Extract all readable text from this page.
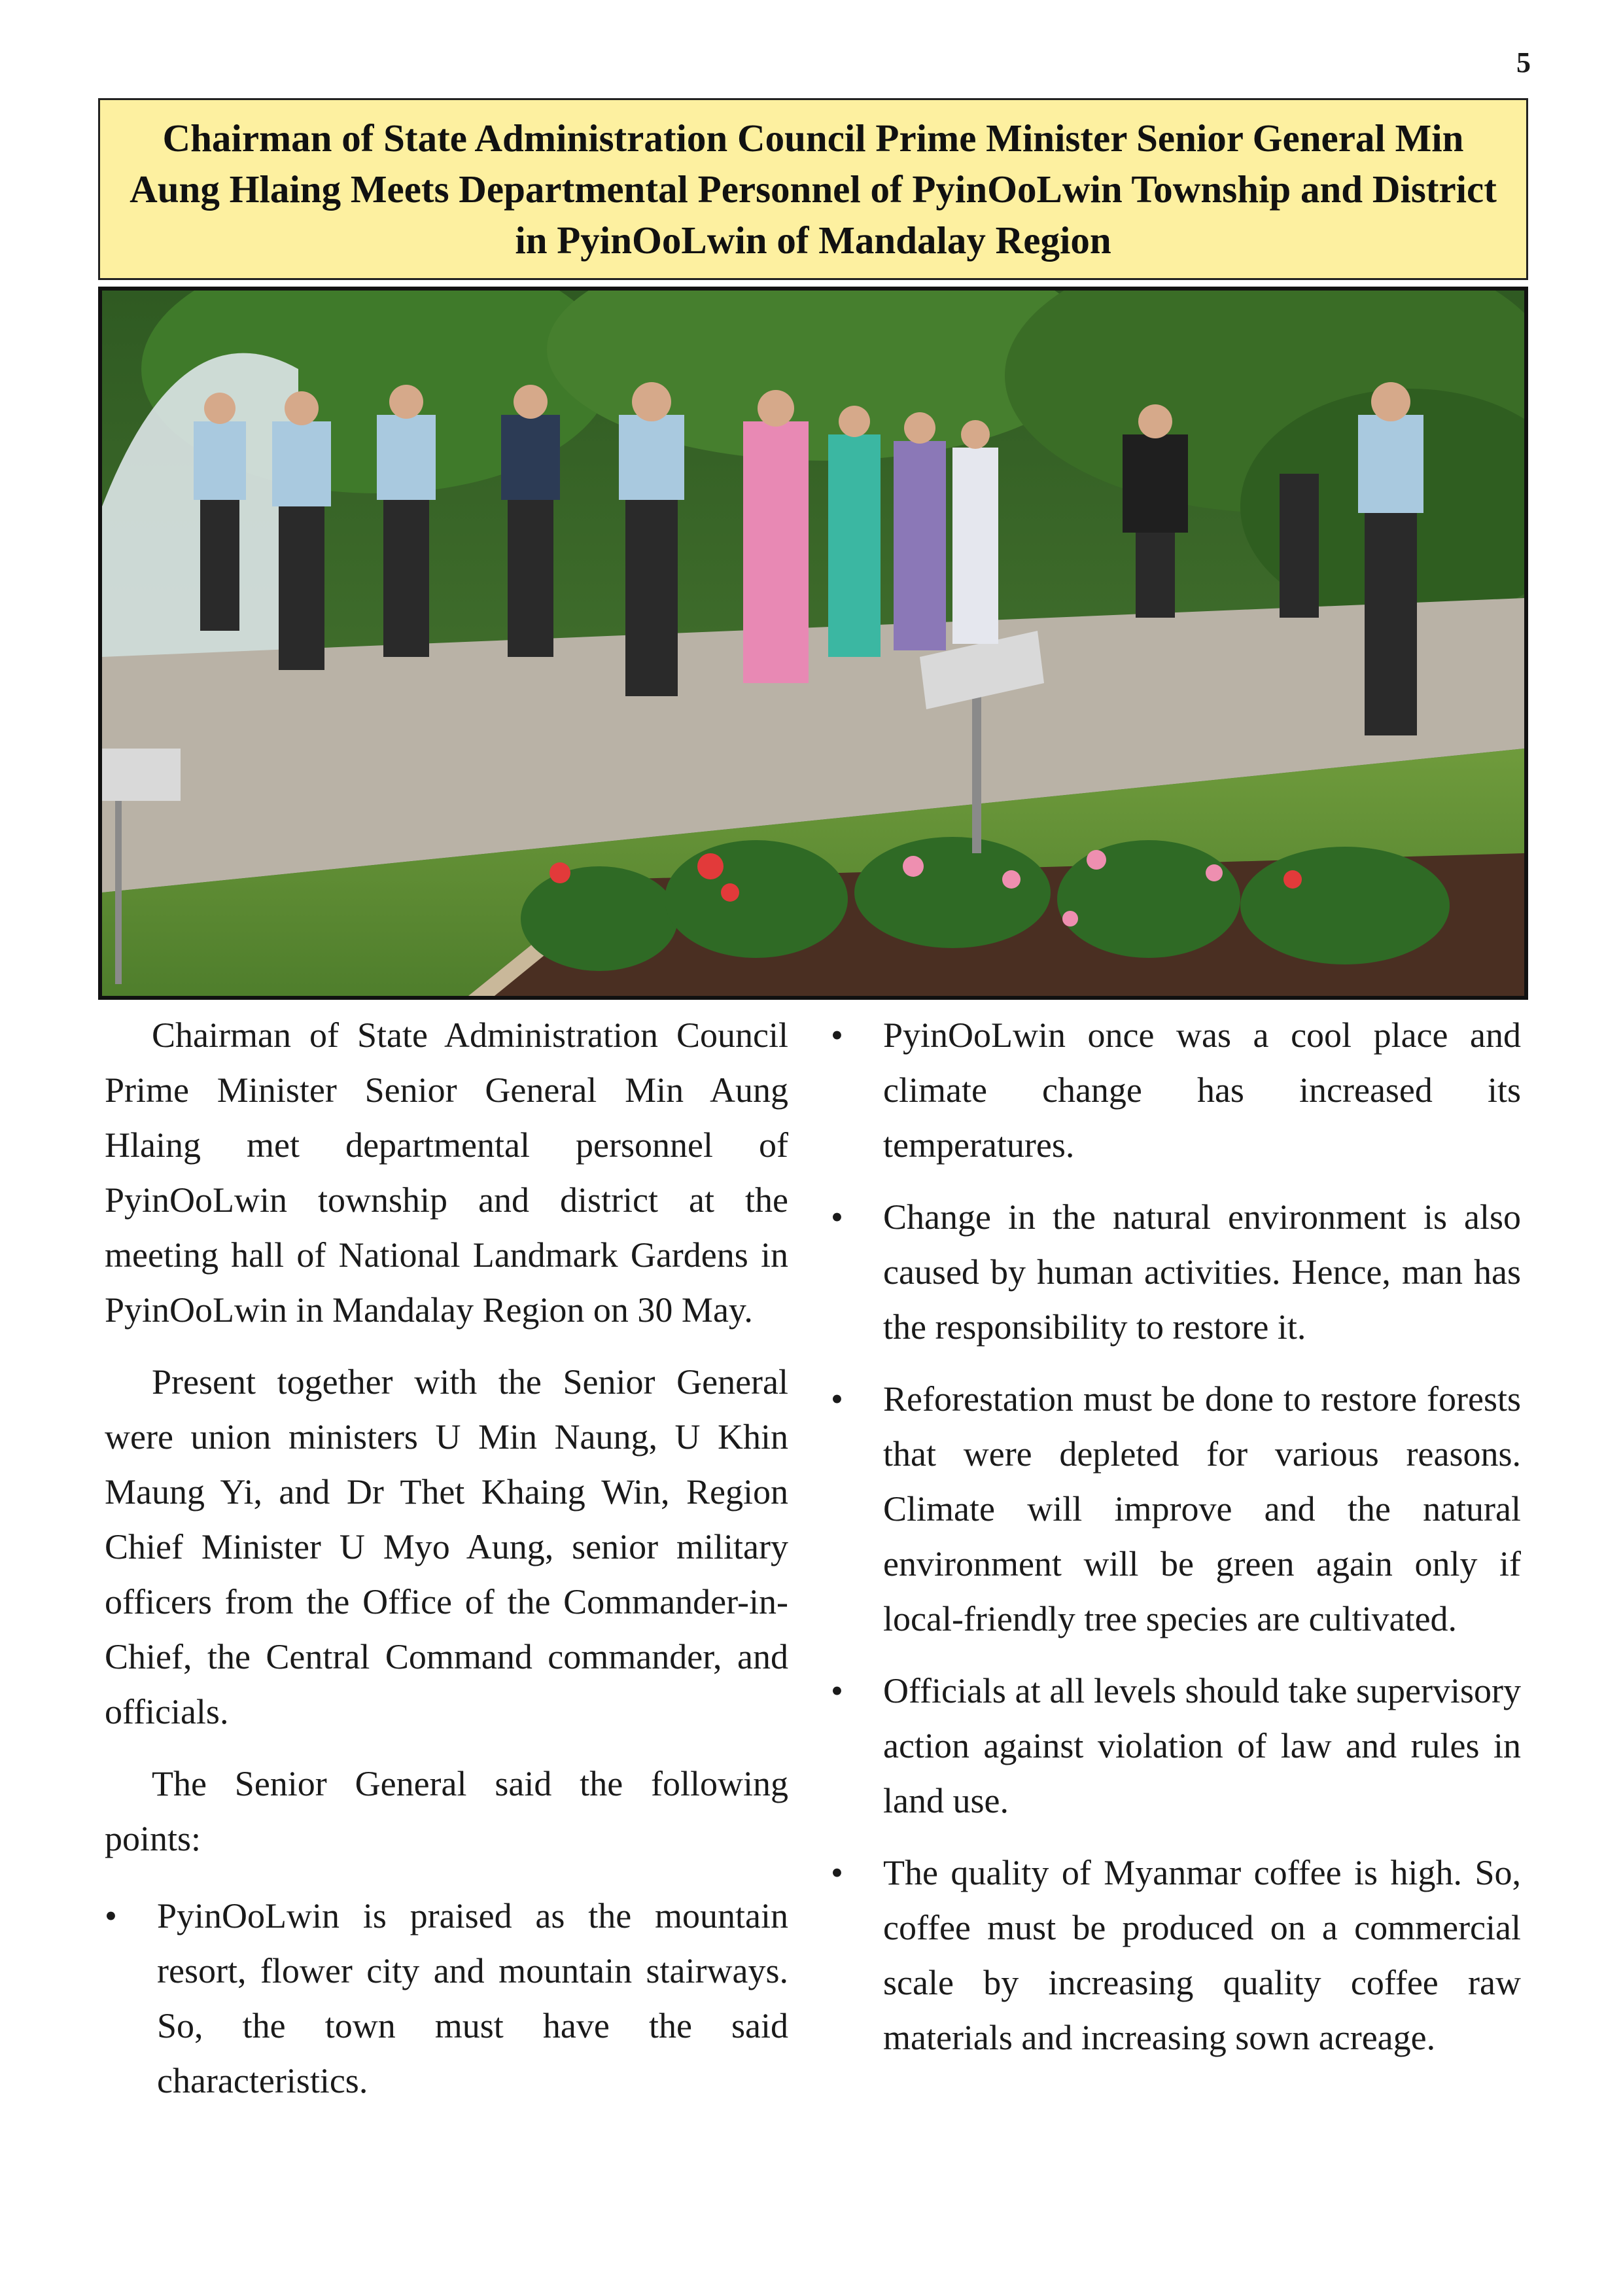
5
Chairman of State Administration Council Prime Minister Senior General Min Aung Hlaing Meets Departmental Personnel of PyinOoLwin Township and District in PyinOoLwin of Mandalay Region

Chairman of State Administration Council Prime Minister Senior General Min Aung Hlaing met departmental personnel of PyinOoLwin township and district at the meeting hall of National Landmark Gardens in PyinOoLwin in Mandalay Region on 30 May.

Present together with the Senior General were union ministers U Min Naung, U Khin Maung Yi, and Dr Thet Khaing Win, Region Chief Minister U Myo Aung, senior military officers from the Office of the Commander-in-Chief, the Central Command commander, and officials.

The Senior General said the following points:

• PyinOoLwin is praised as the mountain resort, flower city and mountain stairways. So, the town must have the said characteristics.
• PyinOoLwin once was a cool place and climate change has increased its temperatures.
• Change in the natural environment is also caused by human activities. Hence, man has the responsibility to restore it.
• Reforestation must be done to restore forests that were depleted for various reasons. Climate will improve and the natural environment will be green again only if local-friendly tree species are cultivated.
• Officials at all levels should take supervisory action against violation of law and rules in land use.
• The quality of Myanmar coffee is high. So, coffee must be produced on a commercial scale by increasing quality coffee raw materials and increasing sown acreage.
